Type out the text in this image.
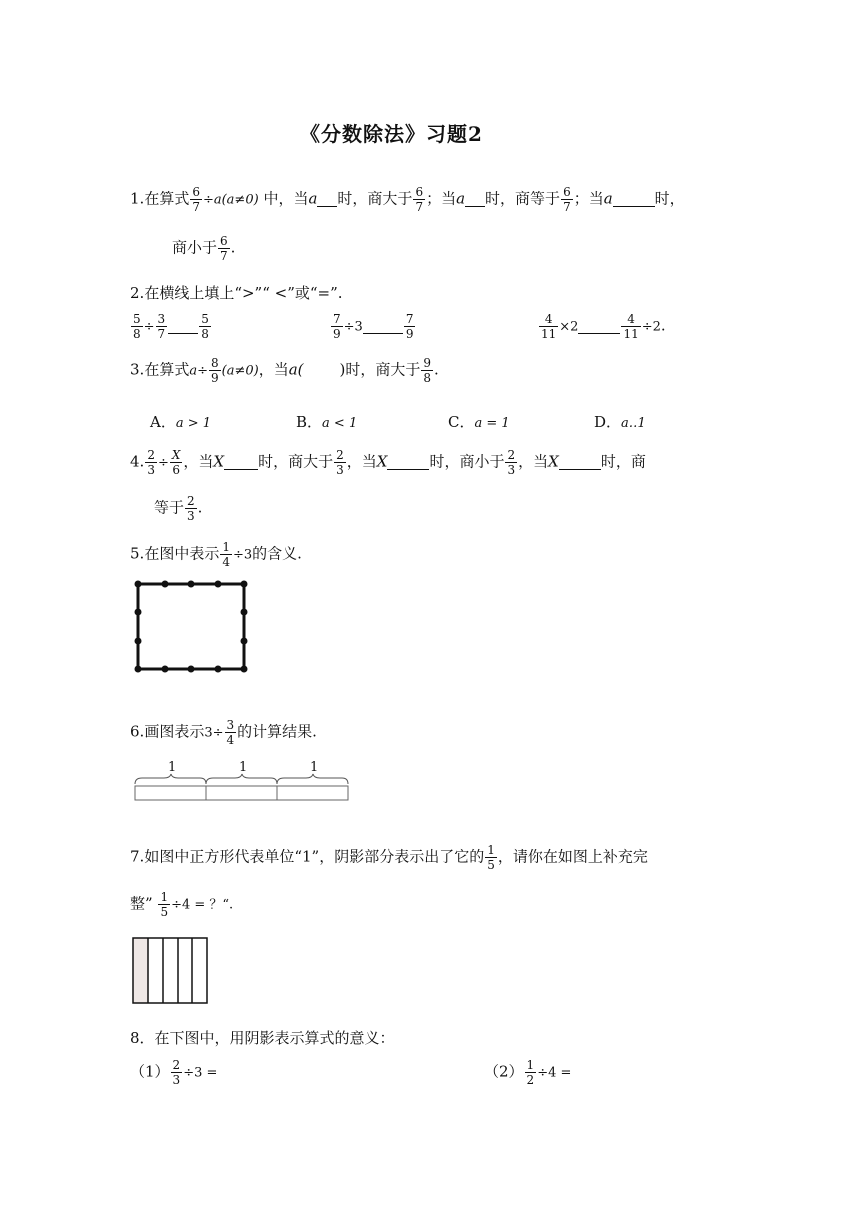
《分数除法》习题2
1.在算式 $\frac{6}{7} \div a(a\ne 0)$ 中，当a 时，商大于 $\frac{6}{7}$ ；当a 时，商等于 $\frac{6}{7}$ ；当a	时，
商小于 $\frac{6}{7}$ .
2.在横线上填上“>”“ <”或“=”.
$\frac{5}{8} \div \frac{3}{7}$	$\frac{5}{8}$	$\frac{7}{9} \div 3$	$\frac{7}{9}$	$\frac{4}{11} \times 2$	$\frac{4}{11} \div 2$.
3.在算式$a\div \frac{8}{9} (a\ne 0)$，当a( )时，商大于 $\frac{9}{8}$ .
A．a > 1	B．a < 1	C．a = 1	D．a‥1
4. $\frac{2}{3} \div \frac{X}{6}$ ，当X 时，商大于 $\frac{2}{3}$ ，当X	时，商小于 $\frac{2}{3}$ ，当X	时，商
等于 $\frac{2}{3}$ .
5.在图中表示 $\frac{1}{4} \div 3$的含义.
6.画图表示$3\div \frac{3}{4}$ 的计算结果.
1	1	1
7.如图中正方形代表单位“1”，阴影部分表示出了它的 $\frac{1}{5}$ ，请你在如图上补充完
整” $\frac{1}{5} \div 4$ = ？“.
8．在下图中，用阴影表示算式的意义：
$(1) \frac{2}{3} \div 3$ =	$(2) \frac{1}{2} \div 4$ =
